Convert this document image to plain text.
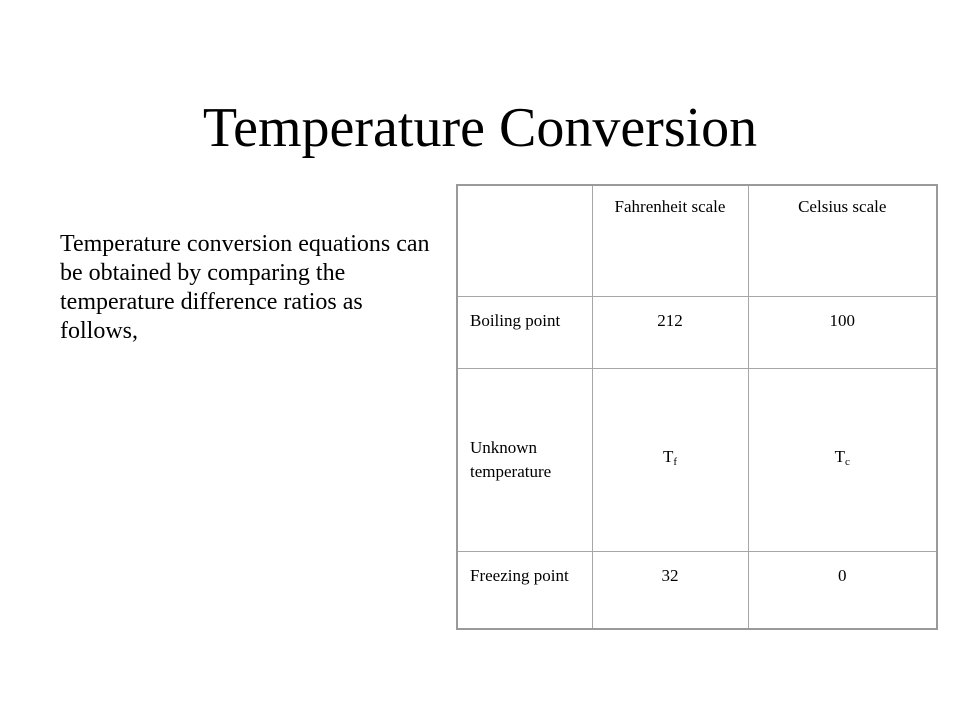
Temperature Conversion

Temperature conversion equations can be obtained by comparing the temperature difference ratios as follows,

	Fahrenheit scale	Celsius scale
Boiling point	212	100
Unknown temperature	$T_f$	$T_c$
Freezing point	32	0
